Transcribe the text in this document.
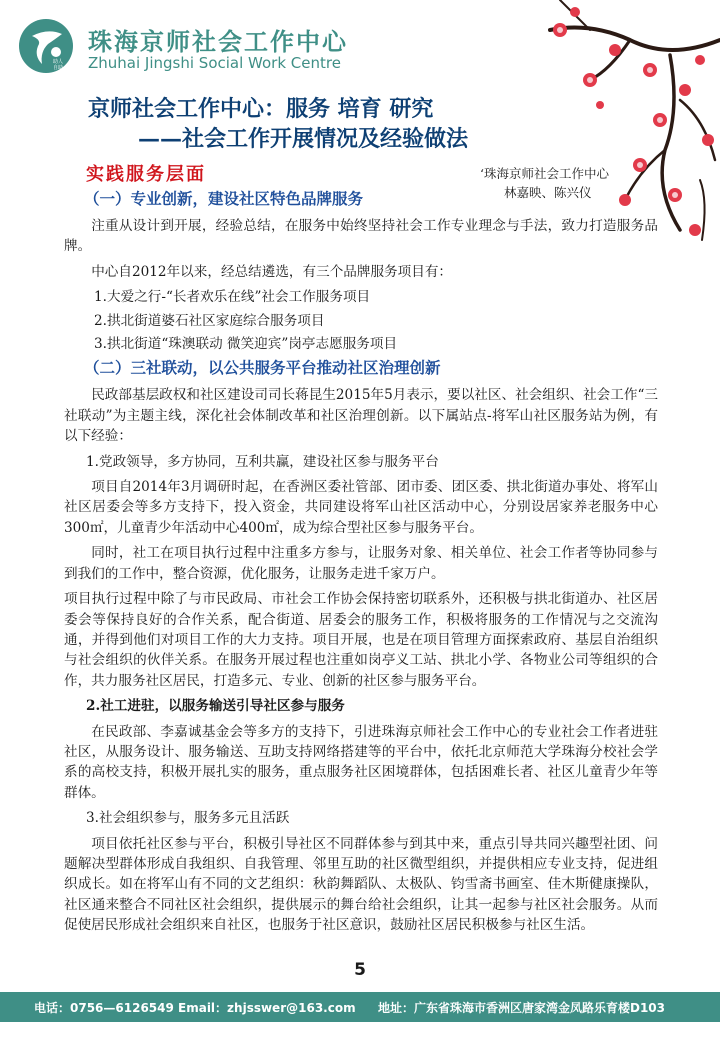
助人
自助
珠海京师社会工作中心
Zhuhai Jingshi Social Work Centre
京师社会工作中心：服务 培育 研究
——社会工作开展情况及经验做法
实践服务层面	‘珠海京师社会工作中心
林嘉映、陈兴仪
（一）专业创新，建设社区特色品牌服务

注重从设计到开展，经验总结，在服务中始终坚持社会工作专业理念与手法，致力打造服务品牌。

中心自2012年以来，经总结遴选，有三个品牌服务项目有：

1.大爱之行-“长者欢乐在线”社会工作服务项目

2.拱北街道婆石社区家庭综合服务项目

3.拱北街道“珠澳联动 微笑迎宾”岗亭志愿服务项目

（二）三社联动，以公共服务平台推动社区治理创新

民政部基层政权和社区建设司司长蒋昆生2015年5月表示，要以社区、社会组织、社会工作“三社联动”为主题主线，深化社会体制改革和社区治理创新。以下属站点-将军山社区服务站为例，有以下经验：

1.党政领导，多方协同，互利共赢，建设社区参与服务平台

项目自2014年3月调研时起，在香洲区委社管部、团市委、团区委、拱北街道办事处、将军山社区居委会等多方支持下，投入资金，共同建设将军山社区活动中心，分别设居家养老服务中心300㎡，儿童青少年活动中心400㎡，成为综合型社区参与服务平台。

同时，社工在项目执行过程中注重多方参与，让服务对象、相关单位、社会工作者等协同参与到我们的工作中，整合资源，优化服务，让服务走进千家万户。

项目执行过程中除了与市民政局、市社会工作协会保持密切联系外，还积极与拱北街道办、社区居委会等保持良好的合作关系，配合街道、居委会的服务工作，积极将服务的工作情况与之交流沟通，并得到他们对项目工作的大力支持。项目开展，也是在项目管理方面探索政府、基层自治组织与社会组织的伙伴关系。在服务开展过程也注重如岗亭义工站、拱北小学、各物业公司等组织的合作，共力服务社区居民，打造多元、专业、创新的社区参与服务平台。

2.社工进驻，以服务输送引导社区参与服务

在民政部、李嘉诚基金会等多方的支持下，引进珠海京师社会工作中心的专业社会工作者进驻社区，从服务设计、服务输送、互助支持网络搭建等的平台中，依托北京师范大学珠海分校社会学系的高校支持，积极开展扎实的服务，重点服务社区困境群体，包括困难长者、社区儿童青少年等群体。

3.社会组织参与，服务多元且活跃

项目依托社区参与平台，积极引导社区不同群体参与到其中来，重点引导共同兴趣型社团、问题解决型群体形成自我组织、自我管理、邻里互助的社区微型组织，并提供相应专业支持，促进组织成长。如在将军山有不同的文艺组织：秋韵舞蹈队、太极队、钧雪斋书画室、佳木斯健康操队，社区通来整合不同社区社会组织，提供展示的舞台给社会组织，让其一起参与社区社会服务。从而促使居民形成社会组织来自社区，也服务于社区意识，鼓励社区居民积极参与社区生活。

5
电话：0756—6126549 Email：zhjsswer@163.com 地址：广东省珠海市香洲区唐家湾金凤路乐育楼D103
